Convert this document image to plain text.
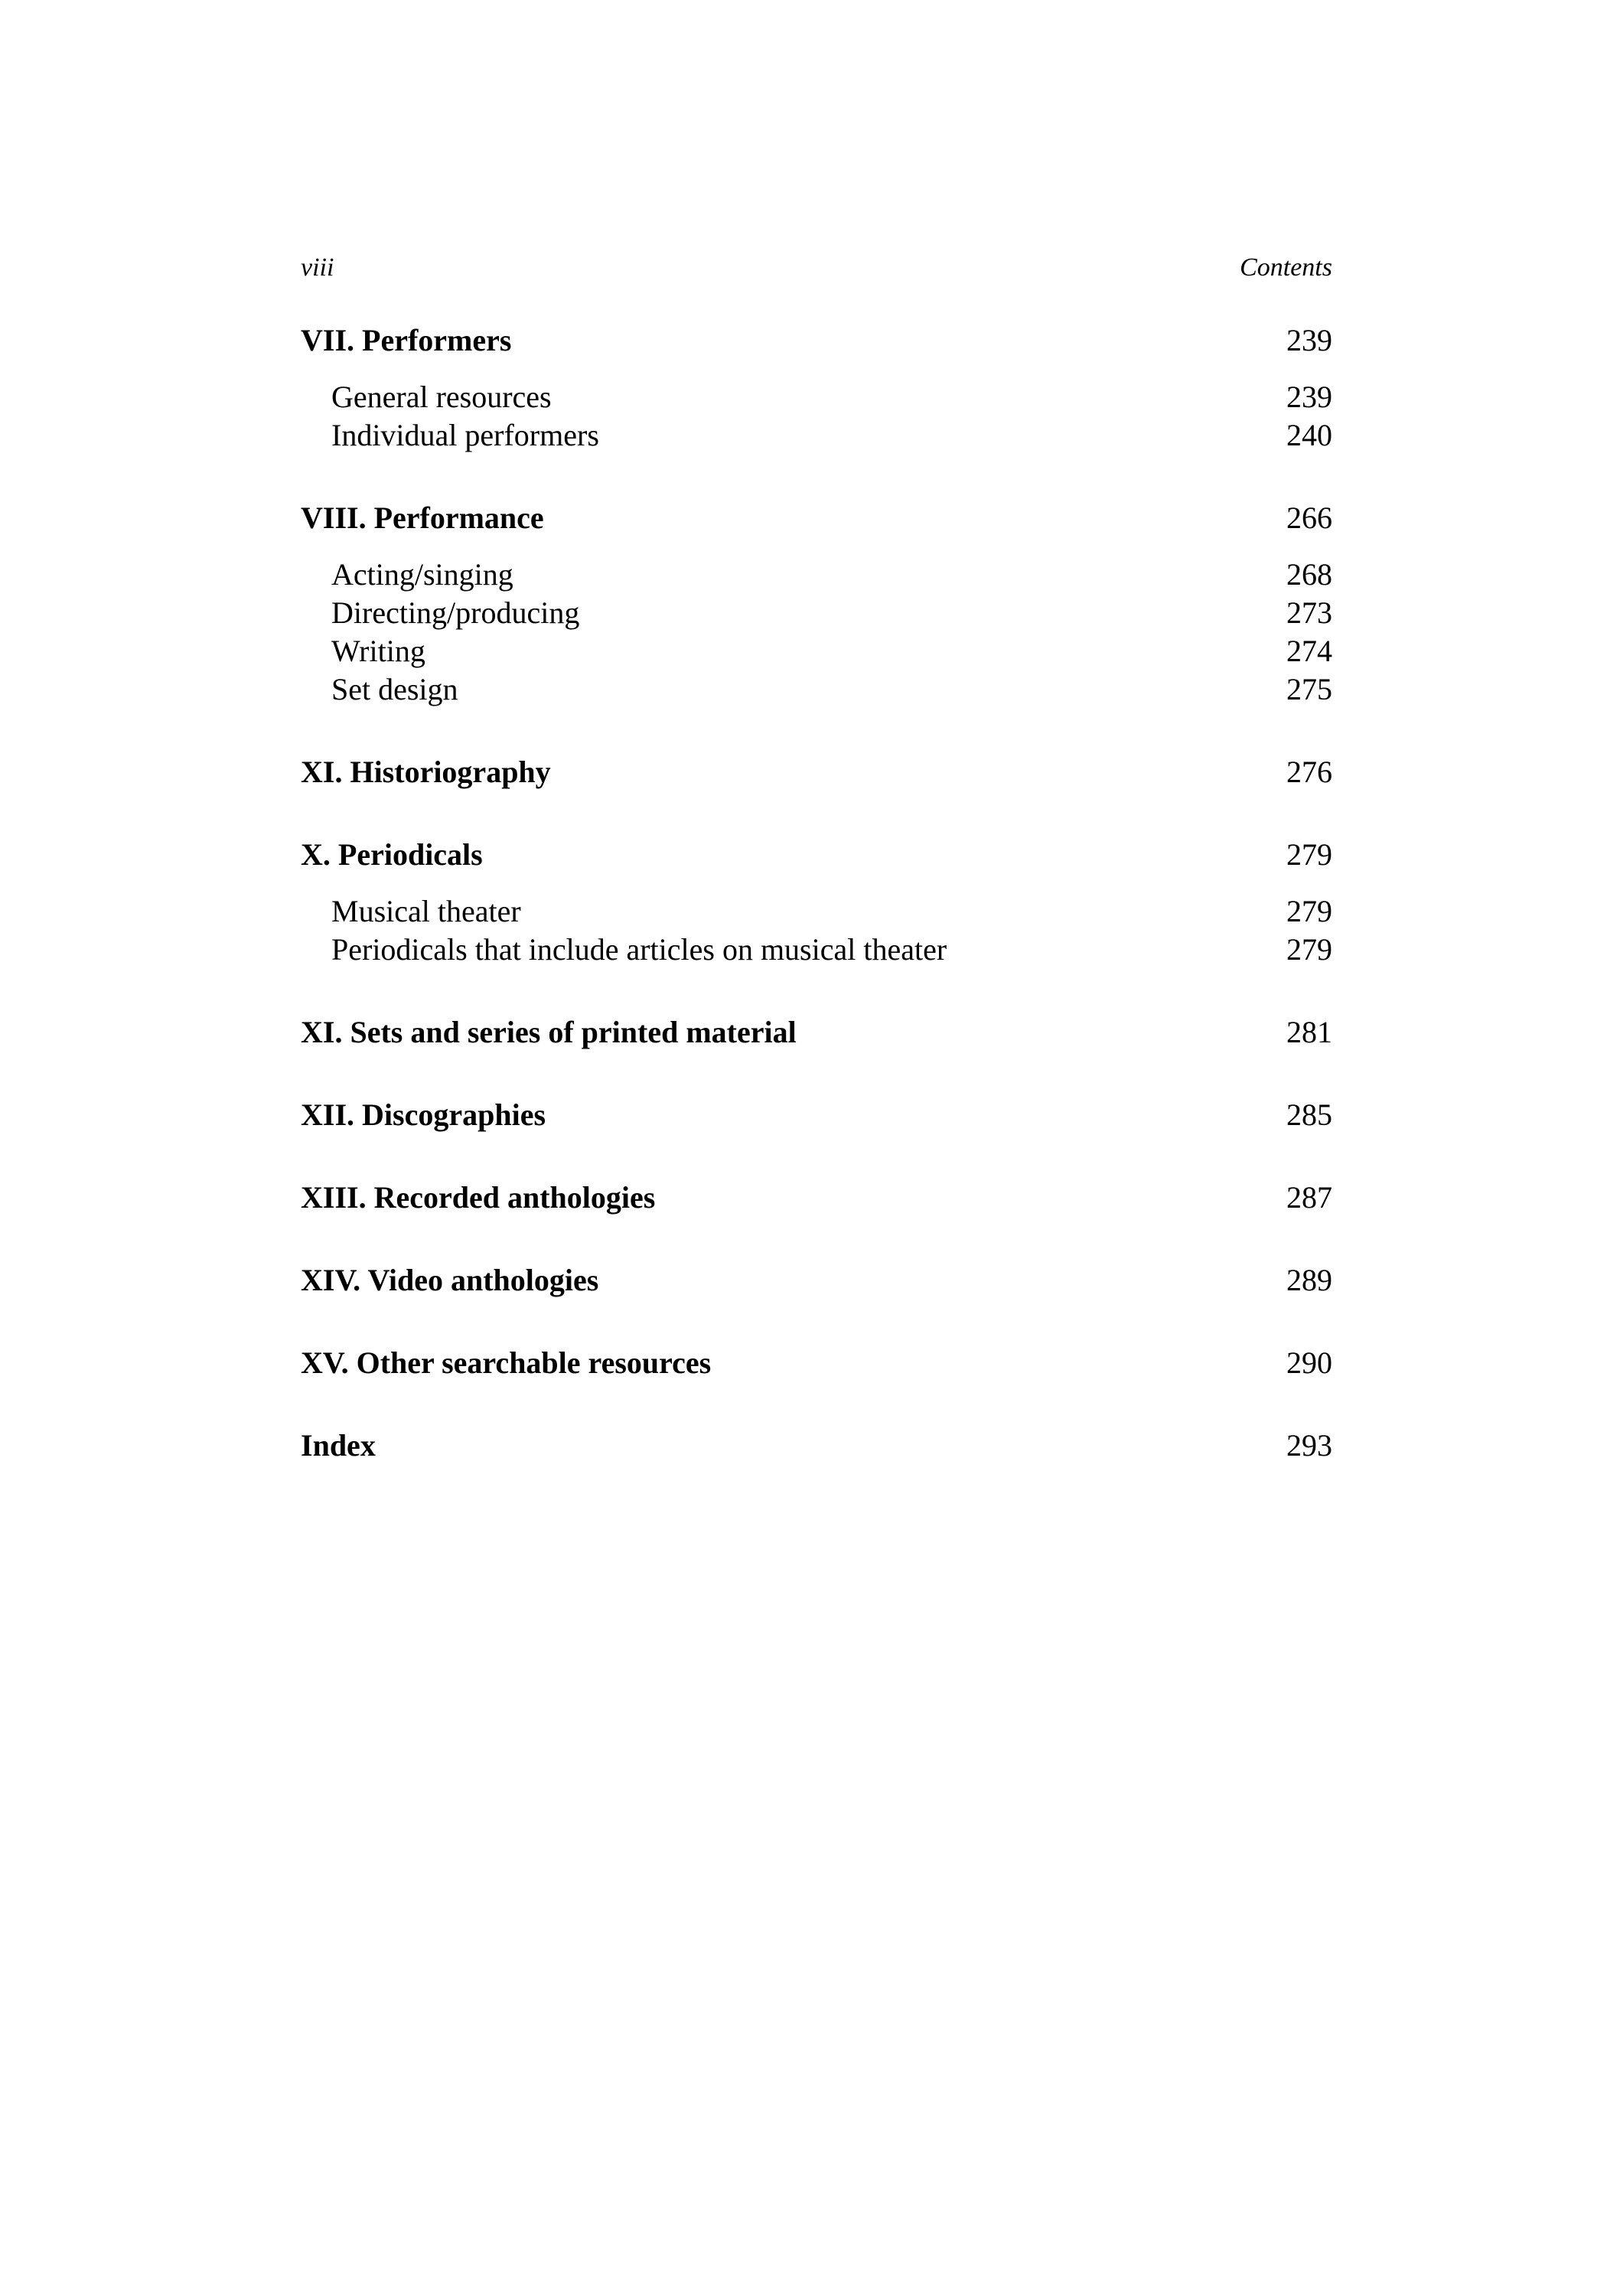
viii	Contents
VII. Performers	239
General resources	239
Individual performers	240
VIII. Performance	266
Acting/singing	268
Directing/producing	273
Writing	274
Set design	275
XI. Historiography	276
X. Periodicals	279
Musical theater	279
Periodicals that include articles on musical theater	279
XI. Sets and series of printed material	281
XII. Discographies	285
XIII. Recorded anthologies	287
XIV. Video anthologies	289
XV. Other searchable resources	290
Index	293
